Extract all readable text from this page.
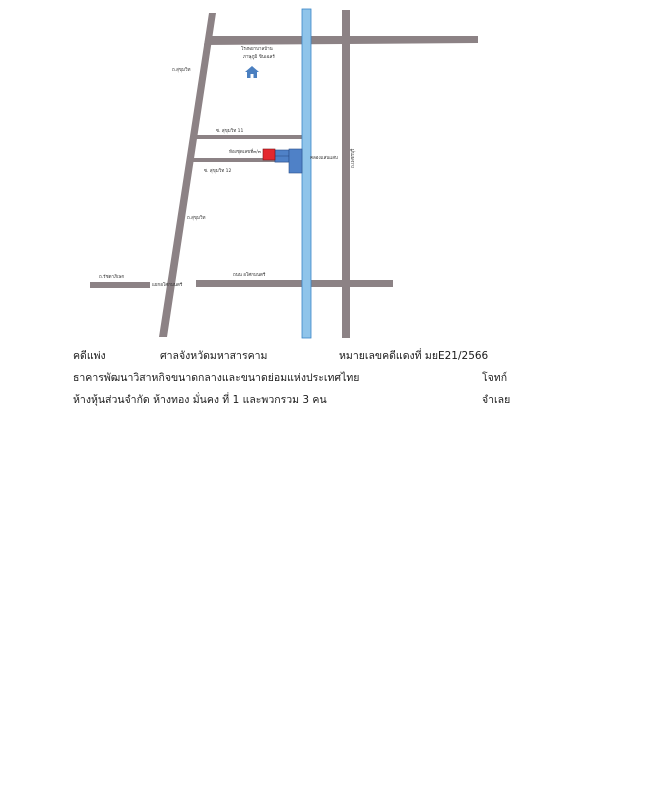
โรงพยาบาลบ้าน
ภาษุภูมิ ขินเฉลร์
ถ.สุขุมวิท
ซ. สุขุมวิท 11
ห้องชุดเลขที่๓/๓
ซ. สุขุมวิท 12
คลองแสนแสบ	ถ.เพชรบุรี
ถ.สุขุมวิท
ถ.รัชดาภิเษก	ถนน อโศกมนตรี
แยกอโศกมนตรี
คดีแพ่ง	ศาลจังหวัดมหาสารคาม	หมายเลขคดีแดงที่ มยE21/2566
ธาคารพัฒนาวิสาหกิจขนาดกลางและขนาดย่อมแห่งประเทศไทย	โจทก์
ห้างหุ้นส่วนจำกัด ห้างทอง มั่นคง ที่ 1 และพวกรวม 3 คน	จำเลย
